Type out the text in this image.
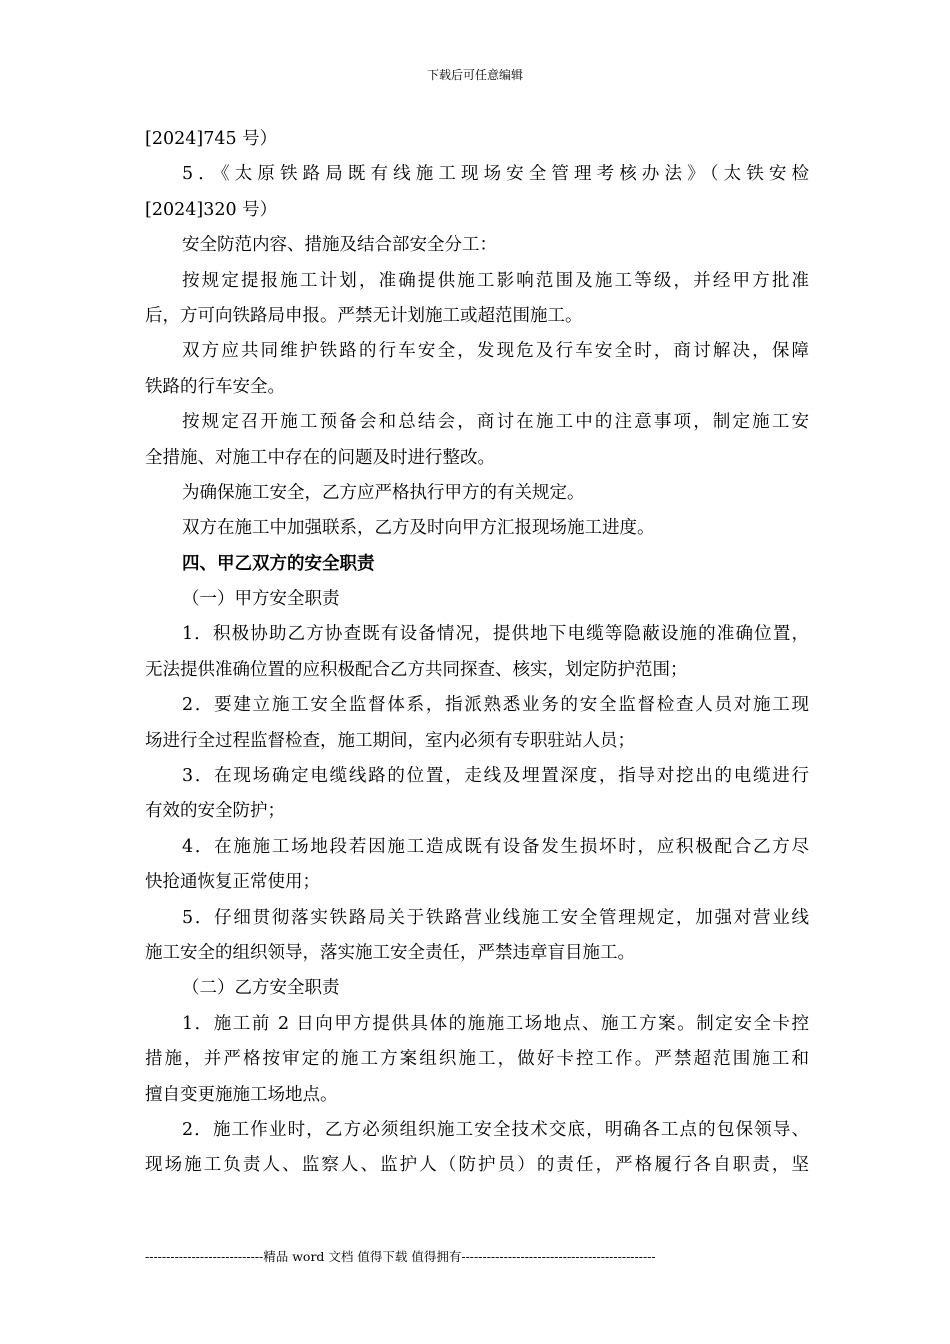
下载后可任意编辑
[2024]745 号）
5．《太原铁路局既有线施工现场安全管理考核办法》（太铁安检
[2024]320 号）
安全防范内容、措施及结合部安全分工：
按规定提报施工计划，准确提供施工影响范围及施工等级，并经甲方批准
后，方可向铁路局申报。严禁无计划施工或超范围施工。
双方应共同维护铁路的行车安全，发现危及行车安全时，商讨解决，保障
铁路的行车安全。
按规定召开施工预备会和总结会，商讨在施工中的注意事项，制定施工安
全措施、对施工中存在的问题及时进行整改。
为确保施工安全，乙方应严格执行甲方的有关规定。
双方在施工中加强联系，乙方及时向甲方汇报现场施工进度。
四、甲乙双方的安全职责
（一）甲方安全职责
1．积极协助乙方协查既有设备情况，提供地下电缆等隐蔽设施的准确位置，
无法提供准确位置的应积极配合乙方共同探查、核实，划定防护范围；
2．要建立施工安全监督体系，指派熟悉业务的安全监督检查人员对施工现
场进行全过程监督检查，施工期间，室内必须有专职驻站人员；
3．在现场确定电缆线路的位置，走线及埋置深度，指导对挖出的电缆进行
有效的安全防护；
4．在施施工场地段若因施工造成既有设备发生损坏时，应积极配合乙方尽
快抢通恢复正常使用；
5．仔细贯彻落实铁路局关于铁路营业线施工安全管理规定，加强对营业线
施工安全的组织领导，落实施工安全责任，严禁违章盲目施工。
（二）乙方安全职责
1．施工前 2 日向甲方提供具体的施施工场地点、施工方案。制定安全卡控
措施，并严格按审定的施工方案组织施工，做好卡控工作。严禁超范围施工和
擅自变更施施工场地点。
2．施工作业时，乙方必须组织施工安全技术交底，明确各工点的包保领导、
现场施工负责人、监察人、监护人（防护员）的责任，严格履行各自职责，坚
----------------------------精品 word 文档 值得下载 值得拥有----------------------------------------------
